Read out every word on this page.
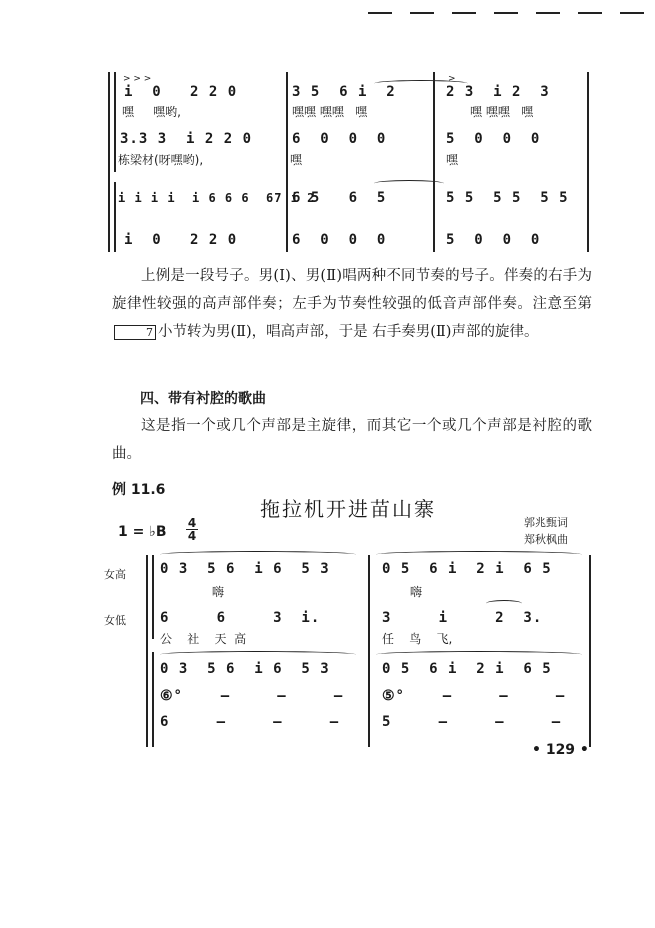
> > >	>
i  0   2 2 0	3 5  6 i  2	2 3  i 2  3
嘿     嘿哟,	嘿嘿 嘿嘿   嘿	嘿 嘿嘿   嘿
3.3 3  i 2 2 0	6  0  0  0	5  0  0  0
栋梁材(呀嘿哟),	嘿	嘿
i i i i  i 6 6 6  67 i 2
6 5   6  5	5 5  5 5  5 5
i  0   2 2 0	6  0  0  0	5  0  0  0
上例是一段号子。男(Ⅰ)、男(Ⅱ)唱两种不同节奏的号子。伴奏的右手为旋律性较强的高声部伴奏；左手为节奏性较强的低音声部伴奏。注意至第7 小节转为男(Ⅱ)，唱高声部，于是 右手奏男(Ⅱ)声部的旋律。
四、带有衬腔的歌曲
这是指一个或几个声部是主旋律，而其它一个或几个声部是衬腔的歌曲。
例 11.6
拖拉机开进苗山寨
1 = ♭B
4
4
郭兆甄词
郑秋枫曲
女高
女低
0 3  5 6  i 6  5 3	0 5  6 i  2 i  6 5
嗨	嗨
6     6     3  i.	3     i     2  3.
公    社    天  高	任    鸟    飞,
0 3  5 6  i 6  5 3	0 5  6 i  2 i  6 5
⑥°    –     –     –	⑤°    –     –     –
6     –     –     –	5     –     –     –
• 129 •
